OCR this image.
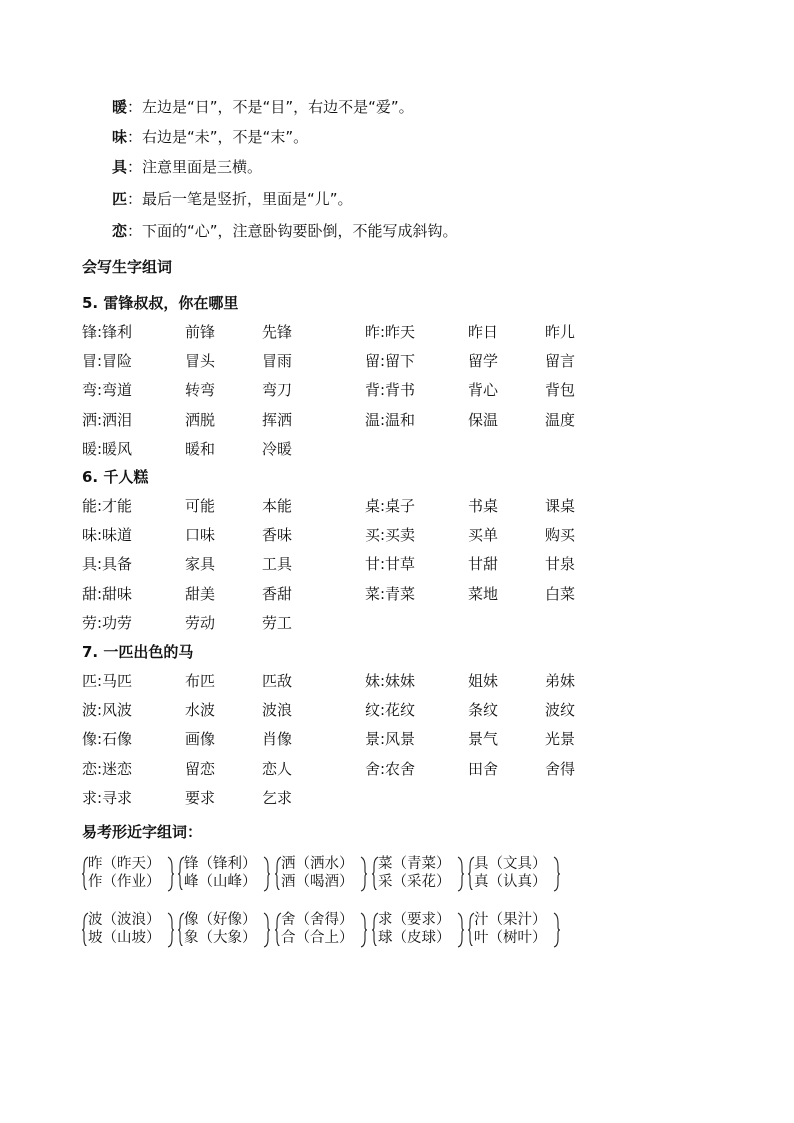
暖：左边是“日”，不是“目”，右边不是“爱”。
味：右边是“未”，不是“末”。
具：注意里面是三横。
匹：最后一笔是竖折，里面是“儿”。
恋：下面的“心”，注意卧钩要卧倒，不能写成斜钩。
会写生字组词
5. 雷锋叔叔，你在哪里
锋:锋利	前锋	先锋	昨:昨天	昨日	昨儿
冒:冒险	冒头	冒雨	留:留下	留学	留言
弯:弯道	转弯	弯刀	背:背书	背心	背包
洒:洒泪	洒脱	挥洒	温:温和	保温	温度
暖:暖风	暖和	冷暖
6. 千人糕
能:才能	可能	本能	桌:桌子	书桌	课桌
味:味道	口味	香味	买:买卖	买单	购买
具:具备	家具	工具	甘:甘草	甘甜	甘泉
甜:甜味	甜美	香甜	菜:青菜	菜地	白菜
劳:功劳	劳动	劳工
7. 一匹出色的马
匹:马匹	布匹	匹敌	妹:妹妹	姐妹	弟妹
波:风波	水波	波浪	纹:花纹	条纹	波纹
像:石像	画像	肖像	景:风景	景气	光景
恋:迷恋	留恋	恋人	舍:农舍	田舍	舍得
求:寻求	要求	乞求
易考形近字组词：
昨（昨天）
作（作业）
锋（锋利）
峰（山峰）
洒（洒水）
酒（喝酒）
菜（青菜）
采（采花）
具（文具）
真（认真）
波（波浪）
坡（山坡）
像（好像）
象（大象）
舍（舍得）
合（合上）
求（要求）
球（皮球）
汁（果汁）
叶（树叶）
